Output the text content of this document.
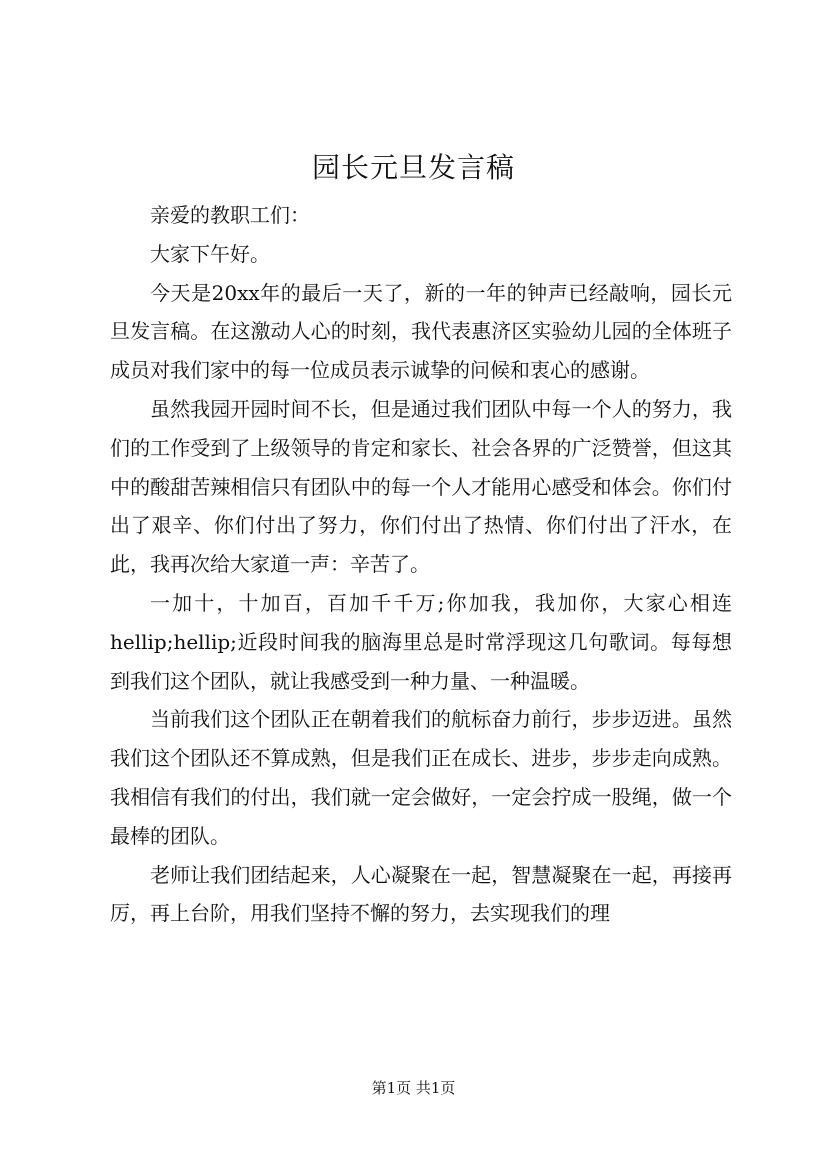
园长元旦发言稿

亲爱的教职工们：

大家下午好。

今天是20xx年的最后一天了，新的一年的钟声已经敲响，园长元旦发言稿。在这激动人心的时刻，我代表惠济区实验幼儿园的全体班子成员对我们家中的每一位成员表示诚挚的问候和衷心的感谢。

虽然我园开园时间不长，但是通过我们团队中每一个人的努力，我们的工作受到了上级领导的肯定和家长、社会各界的广泛赞誉，但这其中的酸甜苦辣相信只有团队中的每一个人才能用心感受和体会。你们付出了艰辛、你们付出了努力，你们付出了热情、你们付出了汗水，在此，我再次给大家道一声：辛苦了。

一加十，十加百，百加千千万;你加我，我加你，大家心相连 hellip;hellip;近段时间我的脑海里总是时常浮现这几句歌词。每每想到我们这个团队，就让我感受到一种力量、一种温暖。

当前我们这个团队正在朝着我们的航标奋力前行，步步迈进。虽然我们这个团队还不算成熟，但是我们正在成长、进步，步步走向成熟。我相信有我们的付出，我们就一定会做好，一定会拧成一股绳，做一个最棒的团队。

老师让我们团结起来，人心凝聚在一起，智慧凝聚在一起，再接再厉，再上台阶，用我们坚持不懈的努力，去实现我们的理

第1页 共1页
